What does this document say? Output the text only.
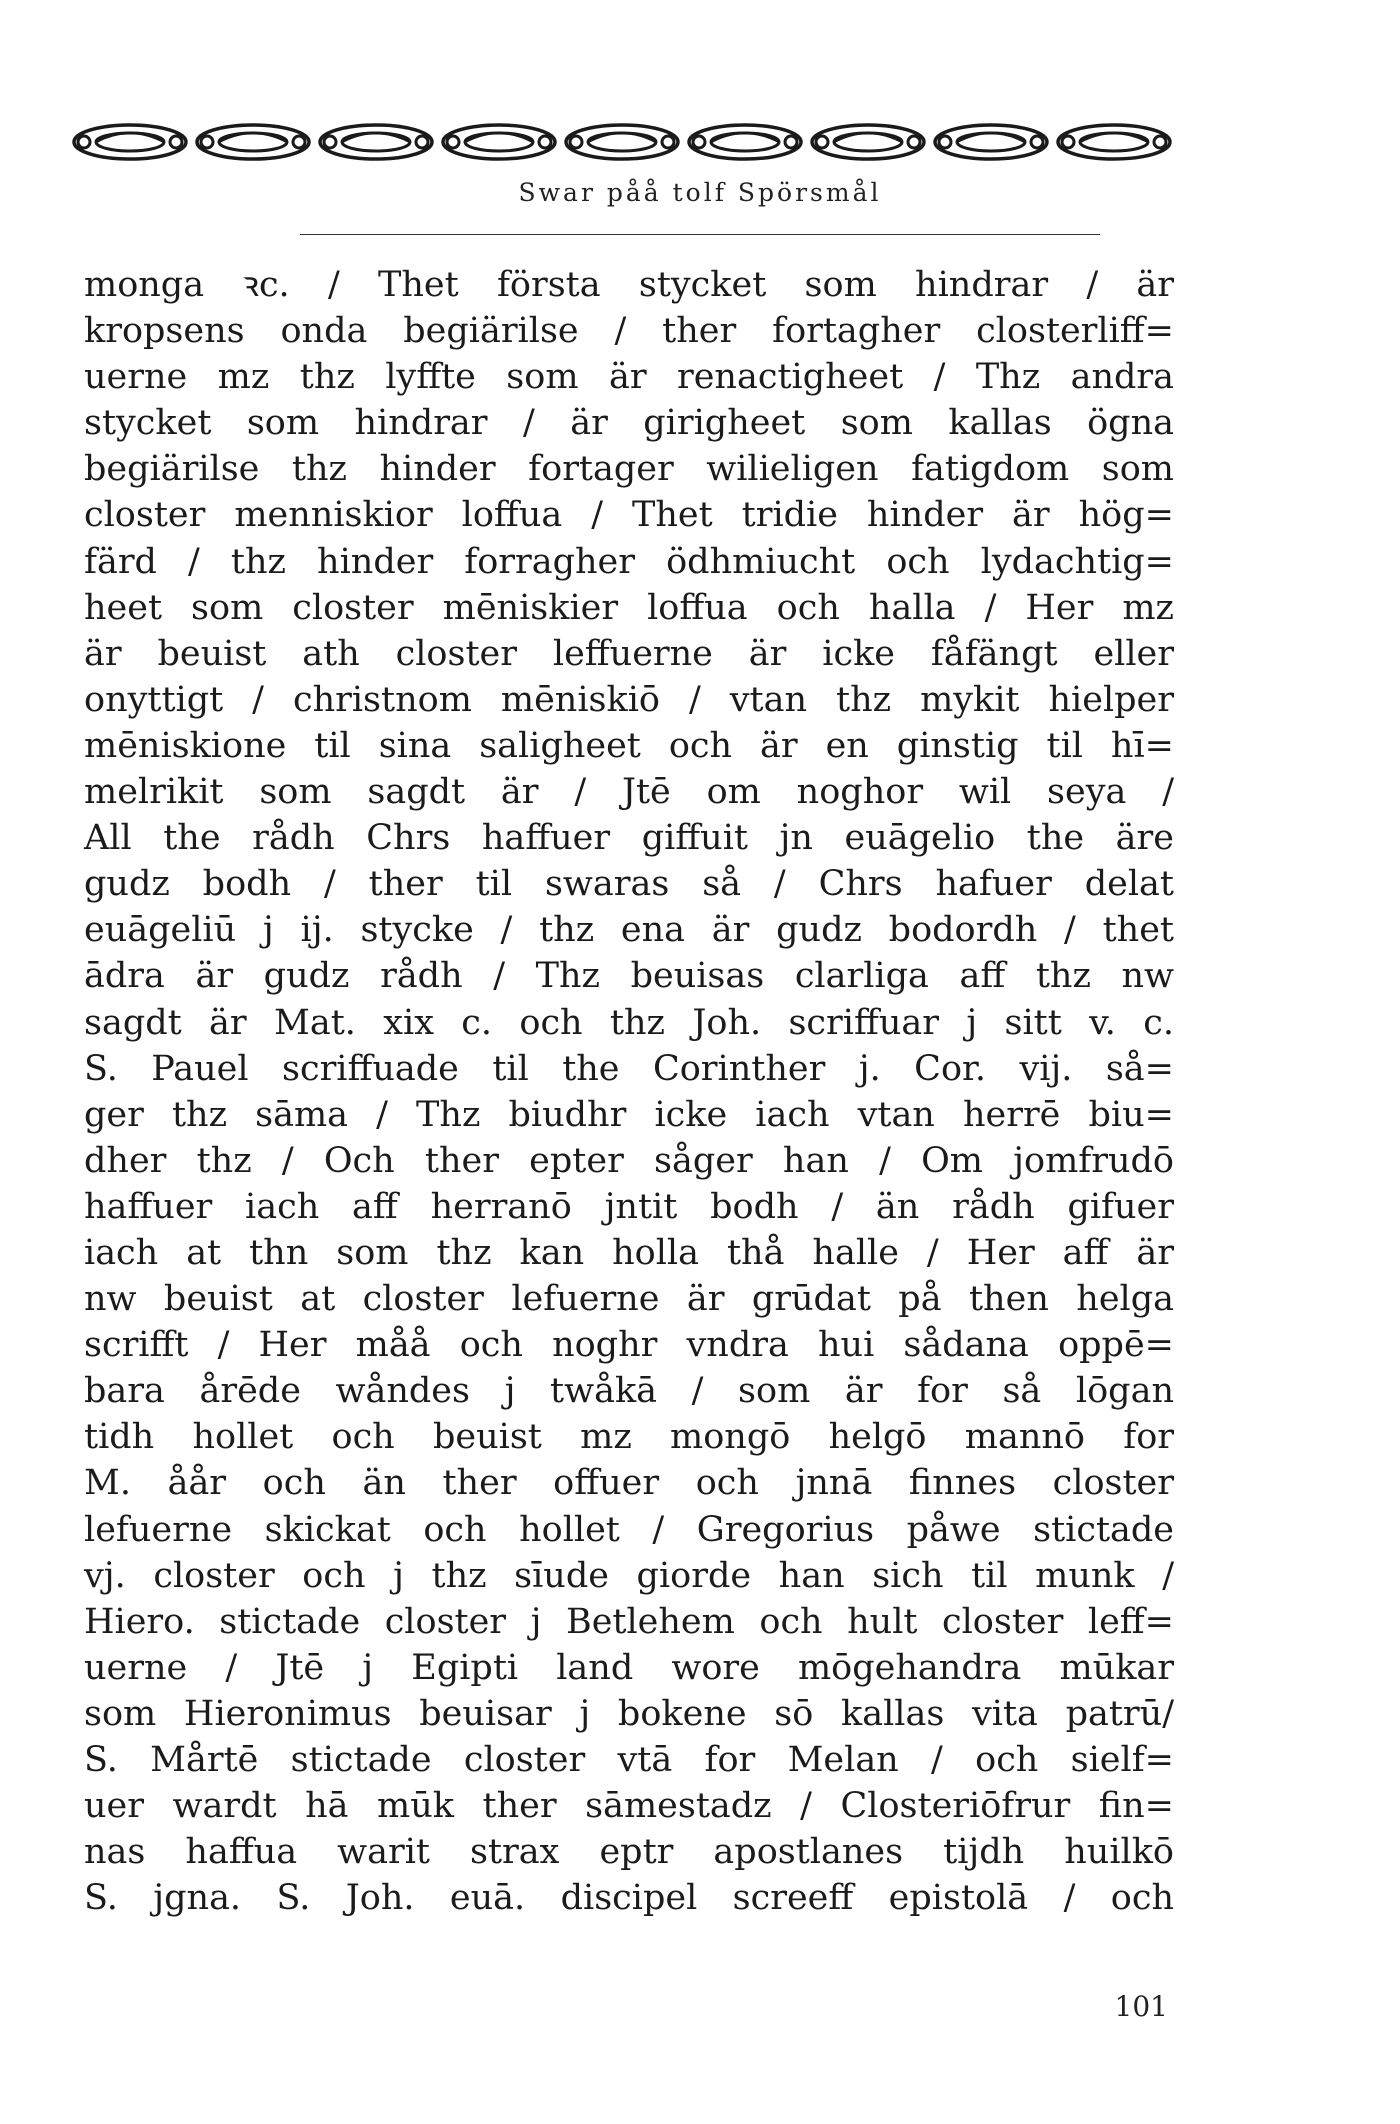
Swar påå tolf Spörsmål
monga ꝛc. / Thet första stycket som hindrar / är
kropsens onda begiärilse / ther fortagher closterliff=
uerne mz thz lyffte som är renactigheet / Thz andra
stycket som hindrar / är girigheet som kallas ögna
begiärilse thz hinder fortager wilieligen fatigdom som
closter menniskior loffua / Thet tridie hinder är hög=
färd / thz hinder forragher ödhmiucht och lydachtig=
heet som closter mēniskier loffua och halla / Her mz
är beuist ath closter leffuerne är icke fåfängt eller
onyttigt / christnom mēniskiō / vtan thz mykit hielper
mēniskione til sina saligheet och är en ginstig til hī=
melrikit som sagdt är / Jtē om noghor wil seya /
All the rådh Chrs haffuer giffuit jn euāgelio the äre
gudz bodh / ther til swaras så / Chrs hafuer delat
euāgeliū j ij. stycke / thz ena är gudz bodordh / thet
ādra är gudz rådh / Thz beuisas clarliga aff thz nw
sagdt är Mat. xix c. och thz Joh. scriffuar j sitt v. c.
S. Pauel scriffuade til the Corinther j. Cor. vij. så=
ger thz sāma / Thz biudhr icke iach vtan herrē biu=
dher thz / Och ther epter såger han / Om jomfrudō
haffuer iach aff herranō jntit bodh / än rådh gifuer
iach at thn som thz kan holla thå halle / Her aff är
nw beuist at closter lefuerne är grūdat på then helga
scrifft / Her måå och noghr vndra hui sådana oppē=
bara årēde wåndes j twåkā / som är for så lōgan
tidh hollet och beuist mz mongō helgō mannō for
M. åår och än ther offuer och jnnā finnes closter
lefuerne skickat och hollet / Gregorius påwe stictade
vj. closter och j thz sīude giorde han sich til munk /
Hiero. stictade closter j Betlehem och hult closter leff=
uerne / Jtē j Egipti land wore mōgehandra mūkar
som Hieronimus beuisar j bokene sō kallas vita patrū/
S. Mårtē stictade closter vtā for Melan / och sielf=
uer wardt hā mūk ther sāmestadz / Closteriōfrur fin=
nas haffua warit strax eptr apostlanes tijdh huilkō
S. jgna. S. Joh. euā. discipel screeff epistolā / och
101
